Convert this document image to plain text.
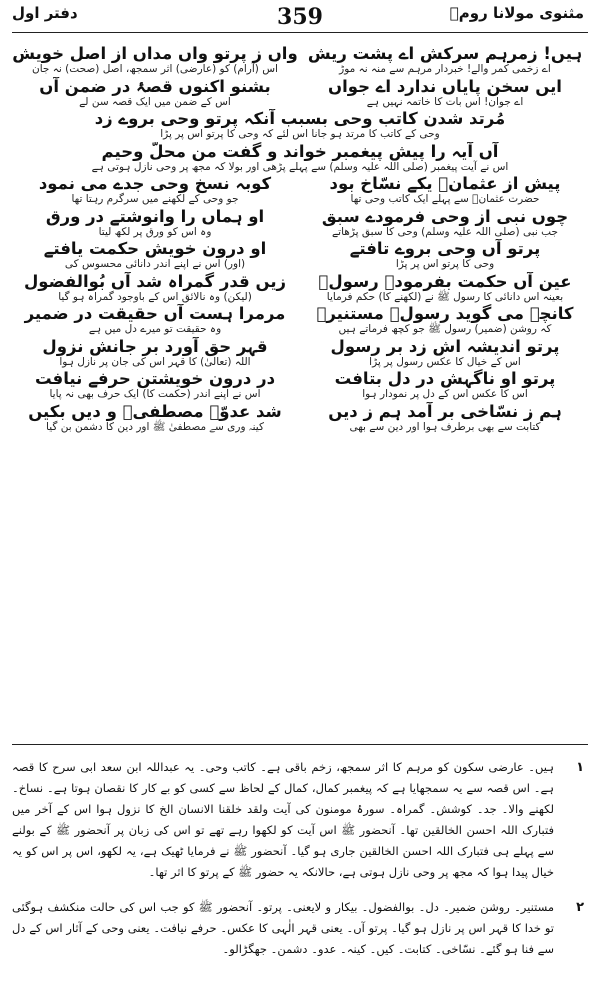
دفتر اول	359	مثنوی مولانا رومؒ
ہیں! زمرہم سرکش اے پشت ریش
اے زخمی کمر والے! خبردار مرہم سے منہ نہ موڑ
واں ز پرتو واں مداں از اصل خویش
اس (آرام) کو (عارضی) اثر سمجھ، اصل (صحت) نہ جان
ایں سخن پایاں ندارد اے جواں
اے جوان! اس بات کا خاتمہ نہیں ہے
بشنو اکنوں قصۂ در ضمن آں
اس کے ضمن میں ایک قصہ سن لے
مُرتد شدن کاتب وحی بسبب آنکہ پرتو وحی بروے زد
وحی کے کاتب کا مرتد ہو جانا اس لئے کہ وحی کا پرتو اس پر پڑا
آں آیہ را پیش پیغمبر خواند و گفت من محلّ وحیم
اس نے آیت پیغمبر (صلی اللہ علیہ وسلم) سے پہلے پڑھی اور بولا کہ مجھ پر وحی نازل ہوتی ہے
پیش از عثمانؓ یکے نسّاخ بود
حضرت عثمانؓ سے پہلے ایک کاتب وحی تھا
کوبہ نسخ وحی جدے می نمود
جو وحی کے لکھنے میں سرگرم رہتا تھا
چوں نبی از وحی فرمودے سبق
جب نبی (صلی اللہ علیہ وسلم) وحی کا سبق پڑھاتے
او ہماں را وانوشتے در ورق
وہ اس کو ورق پر لکھ لیتا
پرتو آں وحی بروے تافتے
وحی کا پرتو اس پر پڑا
او درون خویش حکمت یافتے
(اور) اس نے اپنے اندر دانائی محسوس کی
عین آں حکمت بفرمودے رسولؐ
بعینہ اس دانائی کا رسول ﷺ نے (لکھنے کا) حکم فرمایا
زیں قدر گمراہ شد آں بُوالفضول
(لیکن) وہ نالائق اس کے باوجود گمراہ ہو گیا
کانچہ می گوید رسولؐ مستنیرؐ
کہ روشن (ضمیر) رسول ﷺ جو کچھ فرماتے ہیں
مرمرا ہست آں حقیقت در ضمیر
وہ حقیقت تو میرے دل میں ہے
پرتو اندیشہ اش زد بر رسول
اس کے خیال کا عکس رسول پر پڑا
قہر حق آورد بر جانش نزول
اللہ (تعالیٰ) کا قہر اس کی جان پر نازل ہوا
پرتو او ناگہش در دل بتافت
اس کا عکس اس کے دل پر نمودار ہوا
در درون خویشتن حرفے نیافت
اس نے اپنے اندر (حکمت کا) ایک حرف بھی نہ پایا
ہم ز نسّاخی بر آمد ہم ز دیں
کتابت سے بھی برطرف ہوا اور دین سے بھی
شد عدوّے مصطفیؐ و دیں بکیں
کینہ وری سے مصطفیٰ ﷺ اور دین کا دشمن بن گیا
۱
ہیں۔ عارضی سکون کو مرہم کا اثر سمجھ، زخم باقی ہے۔ کاتب وحی۔ یہ عبداللہ ابن سعد ابی سرح کا قصہ ہے۔ اس قصہ سے یہ سمجھایا ہے کہ پیغمبر کمال، کمال کے لحاظ سے کسی کو بے کار کا نقصان ہوتا ہے۔ نساخ۔ لکھنے والا۔ جد۔ کوشش۔ گمراہ۔ سورۂ مومنون کی آیت ولقد خلقنا الانسان الخ کا نزول ہوا اس کے آخر میں فتبارک اللہ احسن الخالقین تھا۔ آنحضور ﷺ اس آیت کو لکھوا رہے تھے تو اس کی زبان پر آنحضور ﷺ کے بولنے سے پہلے ہی فتبارک اللہ احسن الخالقین جاری ہو گیا۔ آنحضور ﷺ نے فرمایا ٹھیک ہے، یہ لکھو، اس پر اس کو یہ خیال پیدا ہوا کہ مجھ پر وحی نازل ہوتی ہے، حالانکہ یہ حضور ﷺ کے پرتو کا اثر تھا۔
۲
مستنیر۔ روشن ضمیر۔ دل۔ بوالفضول۔ بیکار و لایعنی۔ پرتو۔ آنحضور ﷺ کو جب اس کی حالت منکشف ہوگئی تو خدا کا قہر اس پر نازل ہو گیا۔ پرتو آں۔ یعنی قہر الٰہی کا عکس۔ حرفے نیافت۔ یعنی وحی کے آثار اس کے دل سے فنا ہو گئے۔ نسّاخی۔ کتابت۔ کیں۔ کینہ۔ عدو۔ دشمن۔ جھگڑالو۔
